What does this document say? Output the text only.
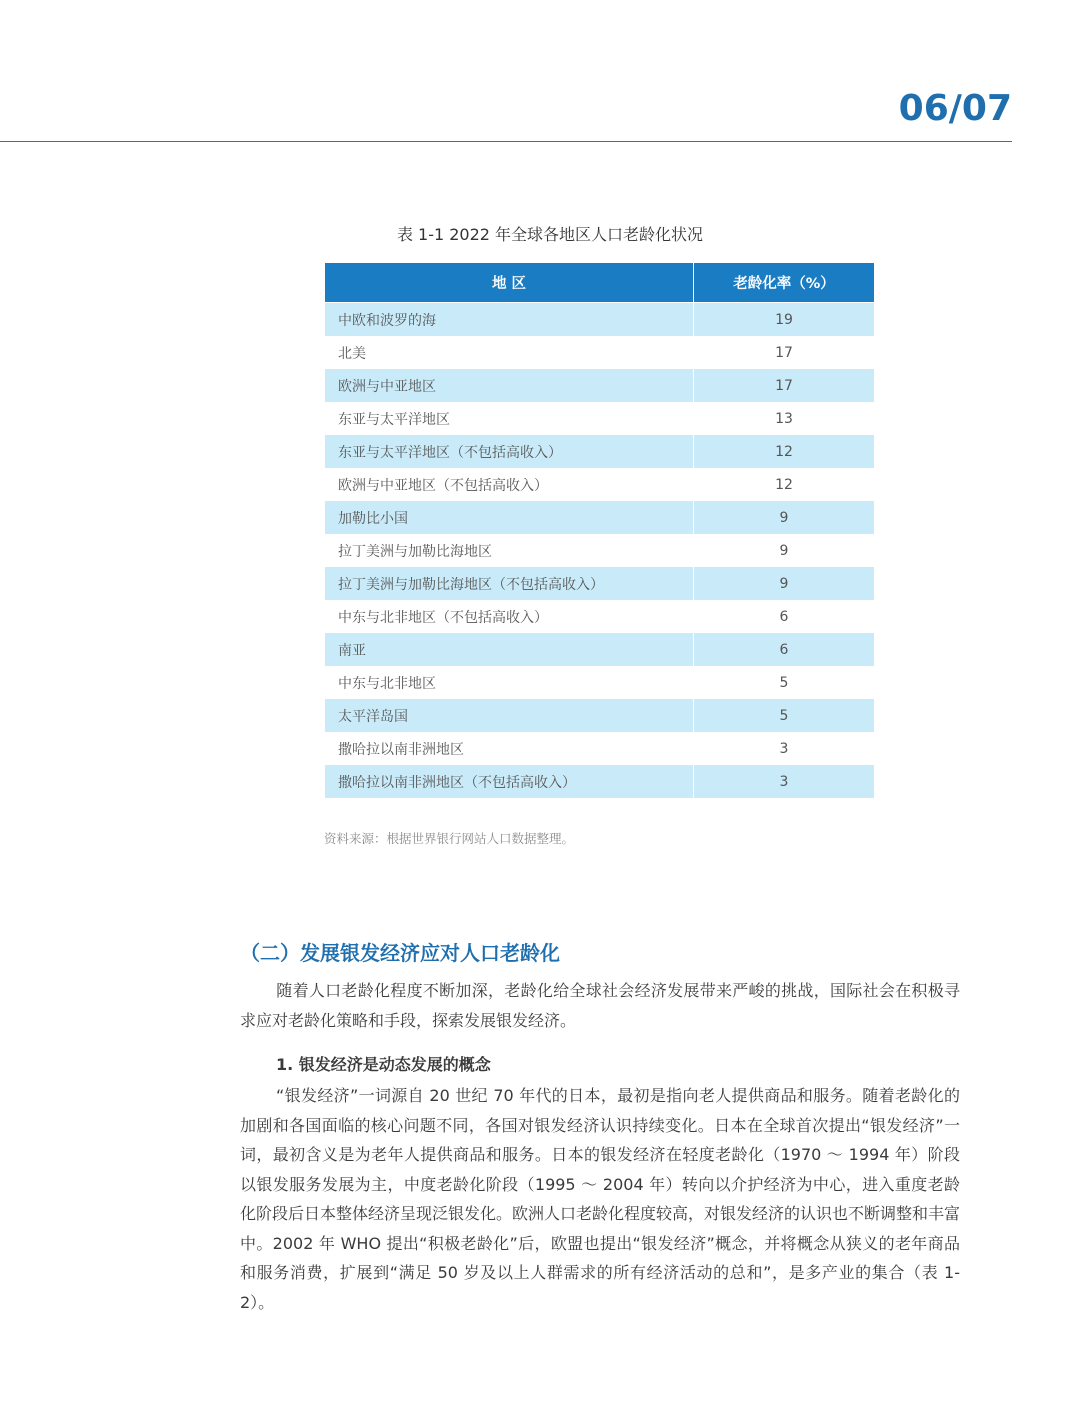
06/07
表 1-1 2022 年全球各地区人口老龄化状况
地 区	老龄化率（%）
中欧和波罗的海	19
北美	17
欧洲与中亚地区	17
东亚与太平洋地区	13
东亚与太平洋地区（不包括高收入）	12
欧洲与中亚地区（不包括高收入）	12
加勒比小国	9
拉丁美洲与加勒比海地区	9
拉丁美洲与加勒比海地区（不包括高收入）	9
中东与北非地区（不包括高收入）	6
南亚	6
中东与北非地区	5
太平洋岛国	5
撒哈拉以南非洲地区	3
撒哈拉以南非洲地区（不包括高收入）	3
资料来源：根据世界银行网站人口数据整理。
（二）发展银发经济应对人口老龄化

随着人口老龄化程度不断加深，老龄化给全球社会经济发展带来严峻的挑战，国际社会在积极寻求应对老龄化策略和手段，探索发展银发经济。

1. 银发经济是动态发展的概念

“银发经济”一词源自 20 世纪 70 年代的日本，最初是指向老人提供商品和服务。随着老龄化的加剧和各国面临的核心问题不同，各国对银发经济认识持续变化。日本在全球首次提出“银发经济”一词，最初含义是为老年人提供商品和服务。日本的银发经济在轻度老龄化（1970 ～ 1994 年）阶段以银发服务发展为主，中度老龄化阶段（1995 ～ 2004 年）转向以介护经济为中心，进入重度老龄化阶段后日本整体经济呈现泛银发化。欧洲人口老龄化程度较高，对银发经济的认识也不断调整和丰富中。2002 年 WHO 提出“积极老龄化”后，欧盟也提出“银发经济”概念，并将概念从狭义的老年商品和服务消费，扩展到“满足 50 岁及以上人群需求的所有经济活动的总和”，是多产业的集合（表 1-2）。
